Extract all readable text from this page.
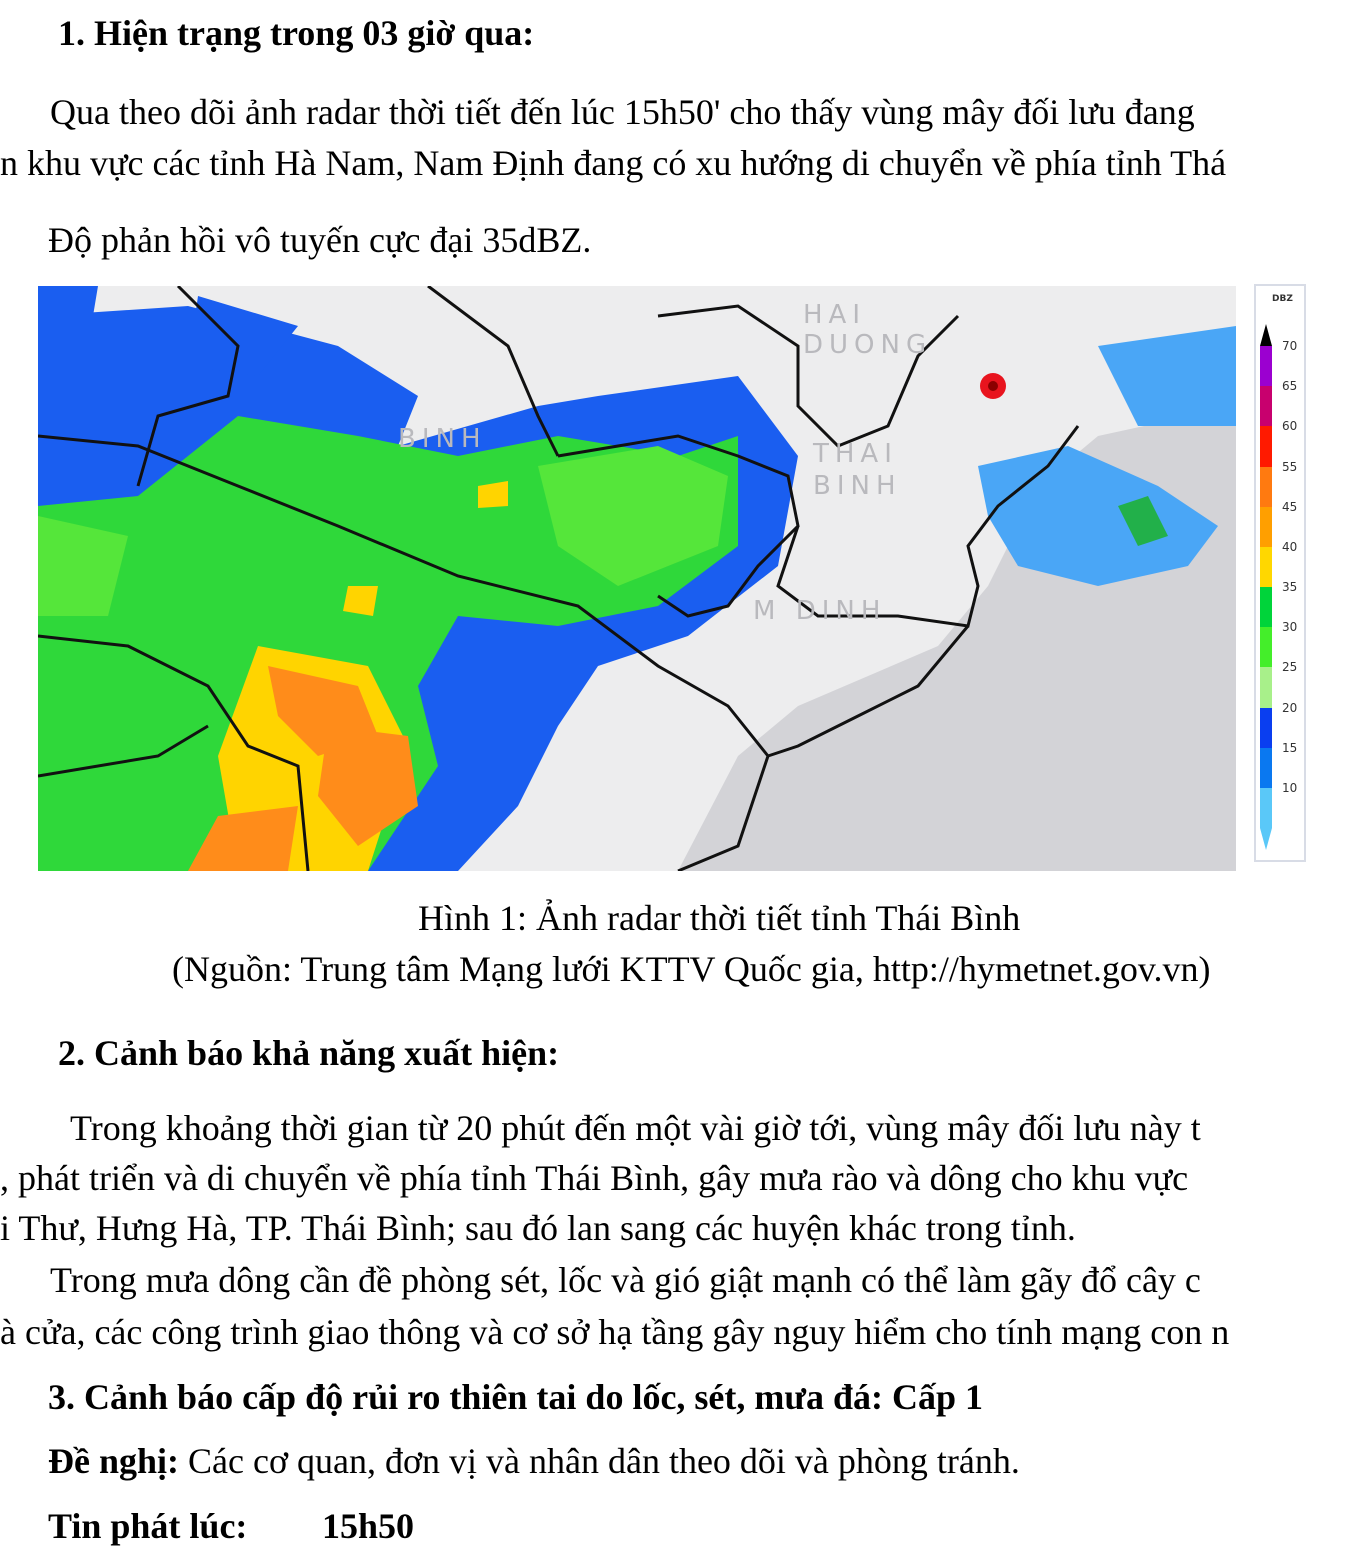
1. Hiện trạng trong 03 giờ qua:
Qua theo dõi ảnh radar thời tiết đến lúc 15h50' cho thấy vùng mây đối lưu đang
n khu vực các tỉnh Hà Nam, Nam Định đang có xu hướng di chuyển về phía tỉnh Thá
Độ phản hồi vô tuyến cực đại 35dBZ.
HAI
DUONG
BINH	THAI
BINH
M DINH
DBZ
70
65
60
55
45
40
35
30
25
20
15
10
Hình 1: Ảnh radar thời tiết tỉnh Thái Bình
(Nguồn: Trung tâm Mạng lưới KTTV Quốc gia, http://hymetnet.gov.vn)
2. Cảnh báo khả năng xuất hiện:
Trong khoảng thời gian từ 20 phút đến một vài giờ tới, vùng mây đối lưu này t
, phát triển và di chuyển về phía tỉnh Thái Bình, gây mưa rào và dông cho khu vực
i Thư, Hưng Hà, TP. Thái Bình; sau đó lan sang các huyện khác trong tỉnh.
Trong mưa dông cần đề phòng sét, lốc và gió giật mạnh có thể làm gãy đổ cây c
à cửa, các công trình giao thông và cơ sở hạ tầng gây nguy hiểm cho tính mạng con n
3. Cảnh báo cấp độ rủi ro thiên tai do lốc, sét, mưa đá: Cấp 1
Đề nghị: Các cơ quan, đơn vị và nhân dân theo dõi và phòng tránh.
Tin phát lúc: 15h50
